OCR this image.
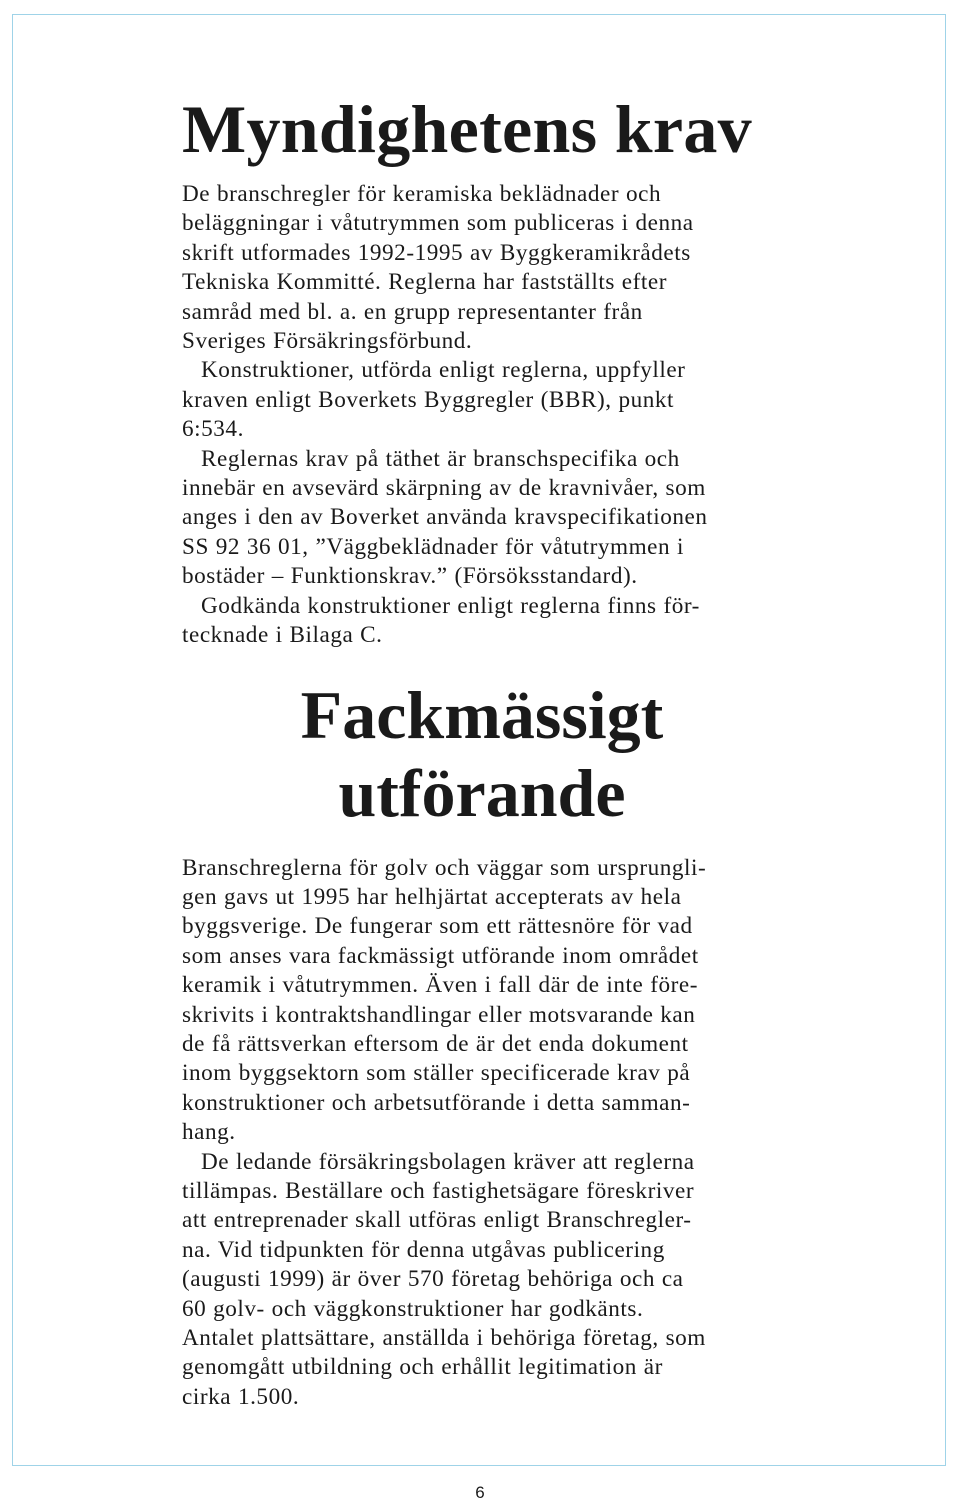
Myndighetens krav
De branschregler för keramiska beklädnader och
beläggningar i våtutrymmen som publiceras i denna
skrift utformades 1992-1995 av Byggkeramikrådets
Tekniska Kommitté. Reglerna har fastställts efter
samråd med bl. a. en grupp representanter från
Sveriges Försäkringsförbund.
Konstruktioner, utförda enligt reglerna, uppfyller
kraven enligt Boverkets Byggregler (BBR), punkt
6:534.
Reglernas krav på täthet är branschspecifika och
innebär en avsevärd skärpning av de kravnivåer, som
anges i den av Boverket använda kravspecifikationen
SS 92 36 01, ”Väggbeklädnader för våtutrymmen i
bostäder – Funktionskrav.” (Försöksstandard).
Godkända konstruktioner enligt reglerna finns för-
tecknade i Bilaga C.
Fackmässigt
utförande
Branschreglerna för golv och väggar som ursprungli-
gen gavs ut 1995 har helhjärtat accepterats av hela
byggsverige. De fungerar som ett rättesnöre för vad
som anses vara fackmässigt utförande inom området
keramik i våtutrymmen. Även i fall där de inte före-
skrivits i kontraktshandlingar eller motsvarande kan
de få rättsverkan eftersom de är det enda dokument
inom byggsektorn som ställer specificerade krav på
konstruktioner och arbetsutförande i detta samman-
hang.
De ledande försäkringsbolagen kräver att reglerna
tillämpas. Beställare och fastighetsägare föreskriver
att entreprenader skall utföras enligt Branschregler-
na. Vid tidpunkten för denna utgåvas publicering
(augusti 1999) är över 570 företag behöriga och ca
60 golv- och väggkonstruktioner har godkänts.
Antalet plattsättare, anställda i behöriga företag, som
genomgått utbildning och erhållit legitimation är
cirka 1.500.
6
